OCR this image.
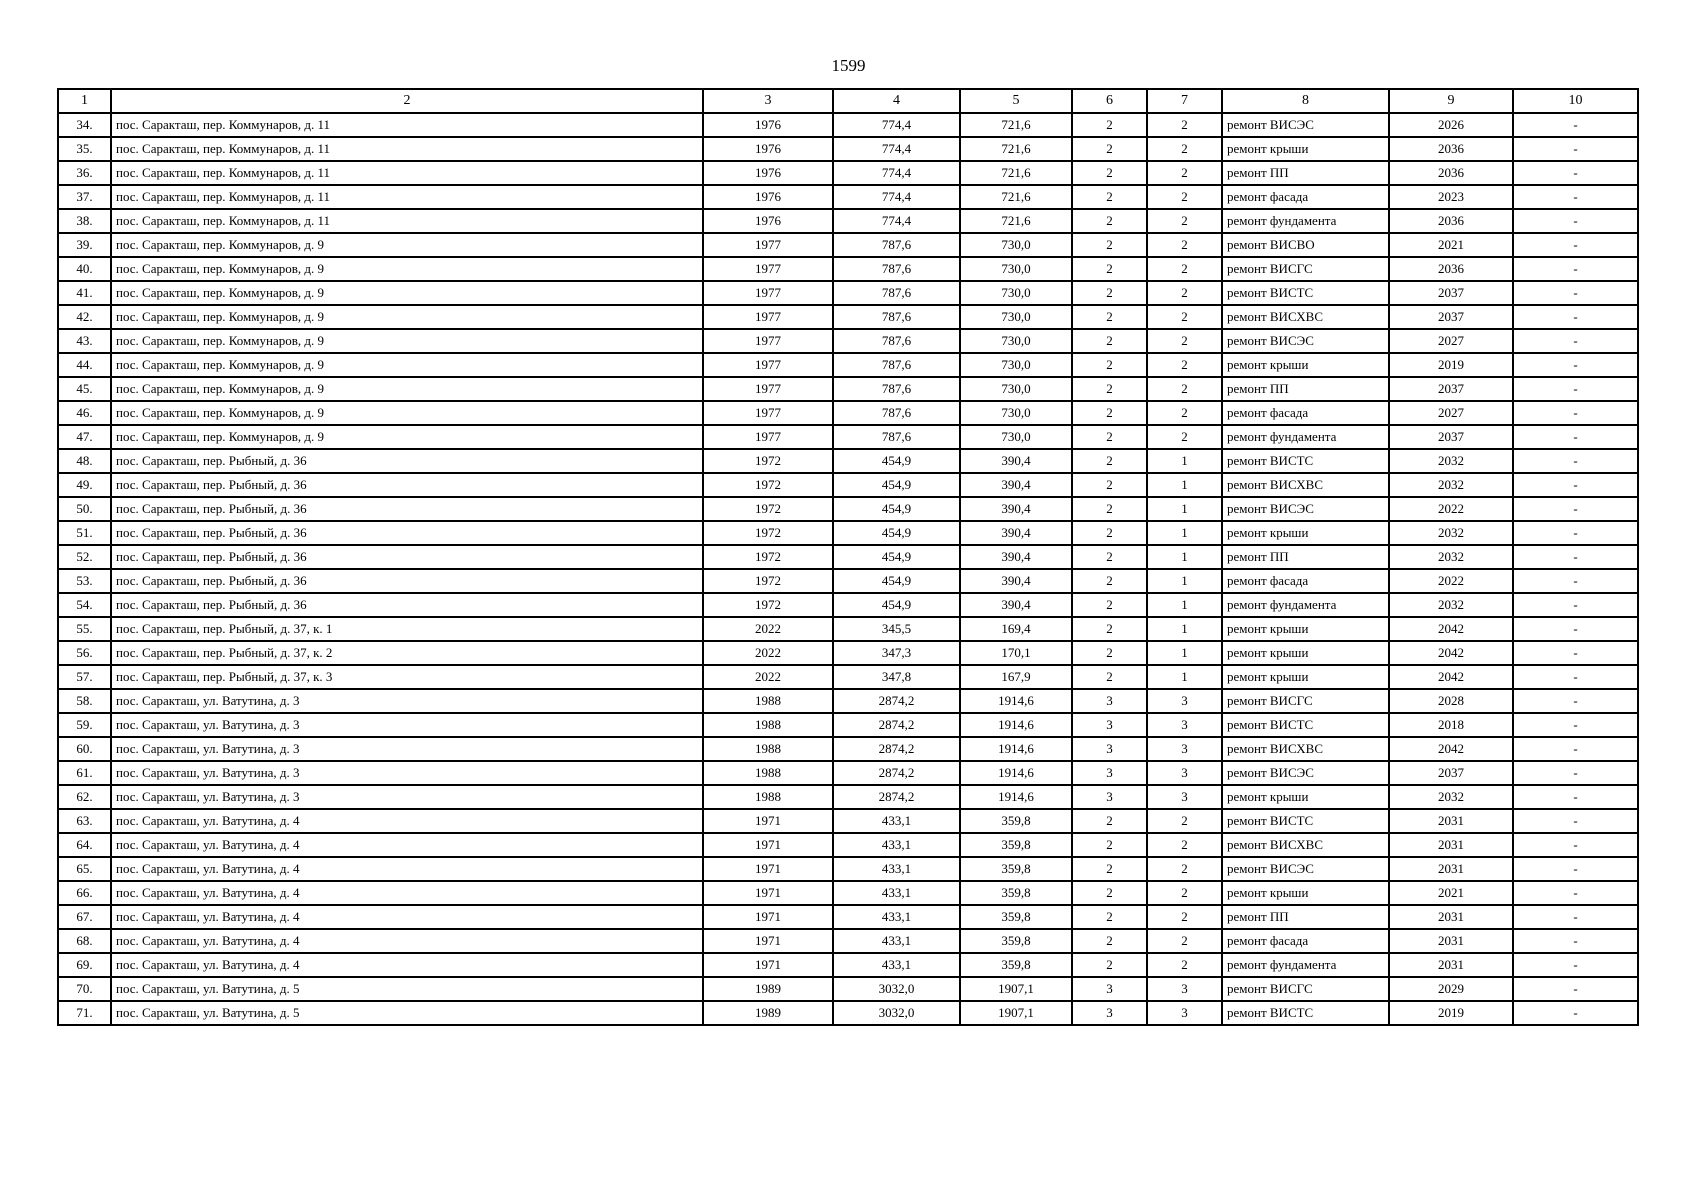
1599
1	2	3	4	5	6	7	8	9	10
34.	пос. Саракташ, пер. Коммунаров, д. 11	1976	774,4	721,6	2	2	ремонт ВИСЭС	2026	-
35.	пос. Саракташ, пер. Коммунаров, д. 11	1976	774,4	721,6	2	2	ремонт крыши	2036	-
36.	пос. Саракташ, пер. Коммунаров, д. 11	1976	774,4	721,6	2	2	ремонт ПП	2036	-
37.	пос. Саракташ, пер. Коммунаров, д. 11	1976	774,4	721,6	2	2	ремонт фасада	2023	-
38.	пос. Саракташ, пер. Коммунаров, д. 11	1976	774,4	721,6	2	2	ремонт фундамента	2036	-
39.	пос. Саракташ, пер. Коммунаров, д. 9	1977	787,6	730,0	2	2	ремонт ВИСВО	2021	-
40.	пос. Саракташ, пер. Коммунаров, д. 9	1977	787,6	730,0	2	2	ремонт ВИСГС	2036	-
41.	пос. Саракташ, пер. Коммунаров, д. 9	1977	787,6	730,0	2	2	ремонт ВИСТС	2037	-
42.	пос. Саракташ, пер. Коммунаров, д. 9	1977	787,6	730,0	2	2	ремонт ВИСХВС	2037	-
43.	пос. Саракташ, пер. Коммунаров, д. 9	1977	787,6	730,0	2	2	ремонт ВИСЭС	2027	-
44.	пос. Саракташ, пер. Коммунаров, д. 9	1977	787,6	730,0	2	2	ремонт крыши	2019	-
45.	пос. Саракташ, пер. Коммунаров, д. 9	1977	787,6	730,0	2	2	ремонт ПП	2037	-
46.	пос. Саракташ, пер. Коммунаров, д. 9	1977	787,6	730,0	2	2	ремонт фасада	2027	-
47.	пос. Саракташ, пер. Коммунаров, д. 9	1977	787,6	730,0	2	2	ремонт фундамента	2037	-
48.	пос. Саракташ, пер. Рыбный, д. 36	1972	454,9	390,4	2	1	ремонт ВИСТС	2032	-
49.	пос. Саракташ, пер. Рыбный, д. 36	1972	454,9	390,4	2	1	ремонт ВИСХВС	2032	-
50.	пос. Саракташ, пер. Рыбный, д. 36	1972	454,9	390,4	2	1	ремонт ВИСЭС	2022	-
51.	пос. Саракташ, пер. Рыбный, д. 36	1972	454,9	390,4	2	1	ремонт крыши	2032	-
52.	пос. Саракташ, пер. Рыбный, д. 36	1972	454,9	390,4	2	1	ремонт ПП	2032	-
53.	пос. Саракташ, пер. Рыбный, д. 36	1972	454,9	390,4	2	1	ремонт фасада	2022	-
54.	пос. Саракташ, пер. Рыбный, д. 36	1972	454,9	390,4	2	1	ремонт фундамента	2032	-
55.	пос. Саракташ, пер. Рыбный, д. 37, к. 1	2022	345,5	169,4	2	1	ремонт крыши	2042	-
56.	пос. Саракташ, пер. Рыбный, д. 37, к. 2	2022	347,3	170,1	2	1	ремонт крыши	2042	-
57.	пос. Саракташ, пер. Рыбный, д. 37, к. 3	2022	347,8	167,9	2	1	ремонт крыши	2042	-
58.	пос. Саракташ, ул. Ватутина, д. 3	1988	2874,2	1914,6	3	3	ремонт ВИСГС	2028	-
59.	пос. Саракташ, ул. Ватутина, д. 3	1988	2874,2	1914,6	3	3	ремонт ВИСТС	2018	-
60.	пос. Саракташ, ул. Ватутина, д. 3	1988	2874,2	1914,6	3	3	ремонт ВИСХВС	2042	-
61.	пос. Саракташ, ул. Ватутина, д. 3	1988	2874,2	1914,6	3	3	ремонт ВИСЭС	2037	-
62.	пос. Саракташ, ул. Ватутина, д. 3	1988	2874,2	1914,6	3	3	ремонт крыши	2032	-
63.	пос. Саракташ, ул. Ватутина, д. 4	1971	433,1	359,8	2	2	ремонт ВИСТС	2031	-
64.	пос. Саракташ, ул. Ватутина, д. 4	1971	433,1	359,8	2	2	ремонт ВИСХВС	2031	-
65.	пос. Саракташ, ул. Ватутина, д. 4	1971	433,1	359,8	2	2	ремонт ВИСЭС	2031	-
66.	пос. Саракташ, ул. Ватутина, д. 4	1971	433,1	359,8	2	2	ремонт крыши	2021	-
67.	пос. Саракташ, ул. Ватутина, д. 4	1971	433,1	359,8	2	2	ремонт ПП	2031	-
68.	пос. Саракташ, ул. Ватутина, д. 4	1971	433,1	359,8	2	2	ремонт фасада	2031	-
69.	пос. Саракташ, ул. Ватутина, д. 4	1971	433,1	359,8	2	2	ремонт фундамента	2031	-
70.	пос. Саракташ, ул. Ватутина, д. 5	1989	3032,0	1907,1	3	3	ремонт ВИСГС	2029	-
71.	пос. Саракташ, ул. Ватутина, д. 5	1989	3032,0	1907,1	3	3	ремонт ВИСТС	2019	-
